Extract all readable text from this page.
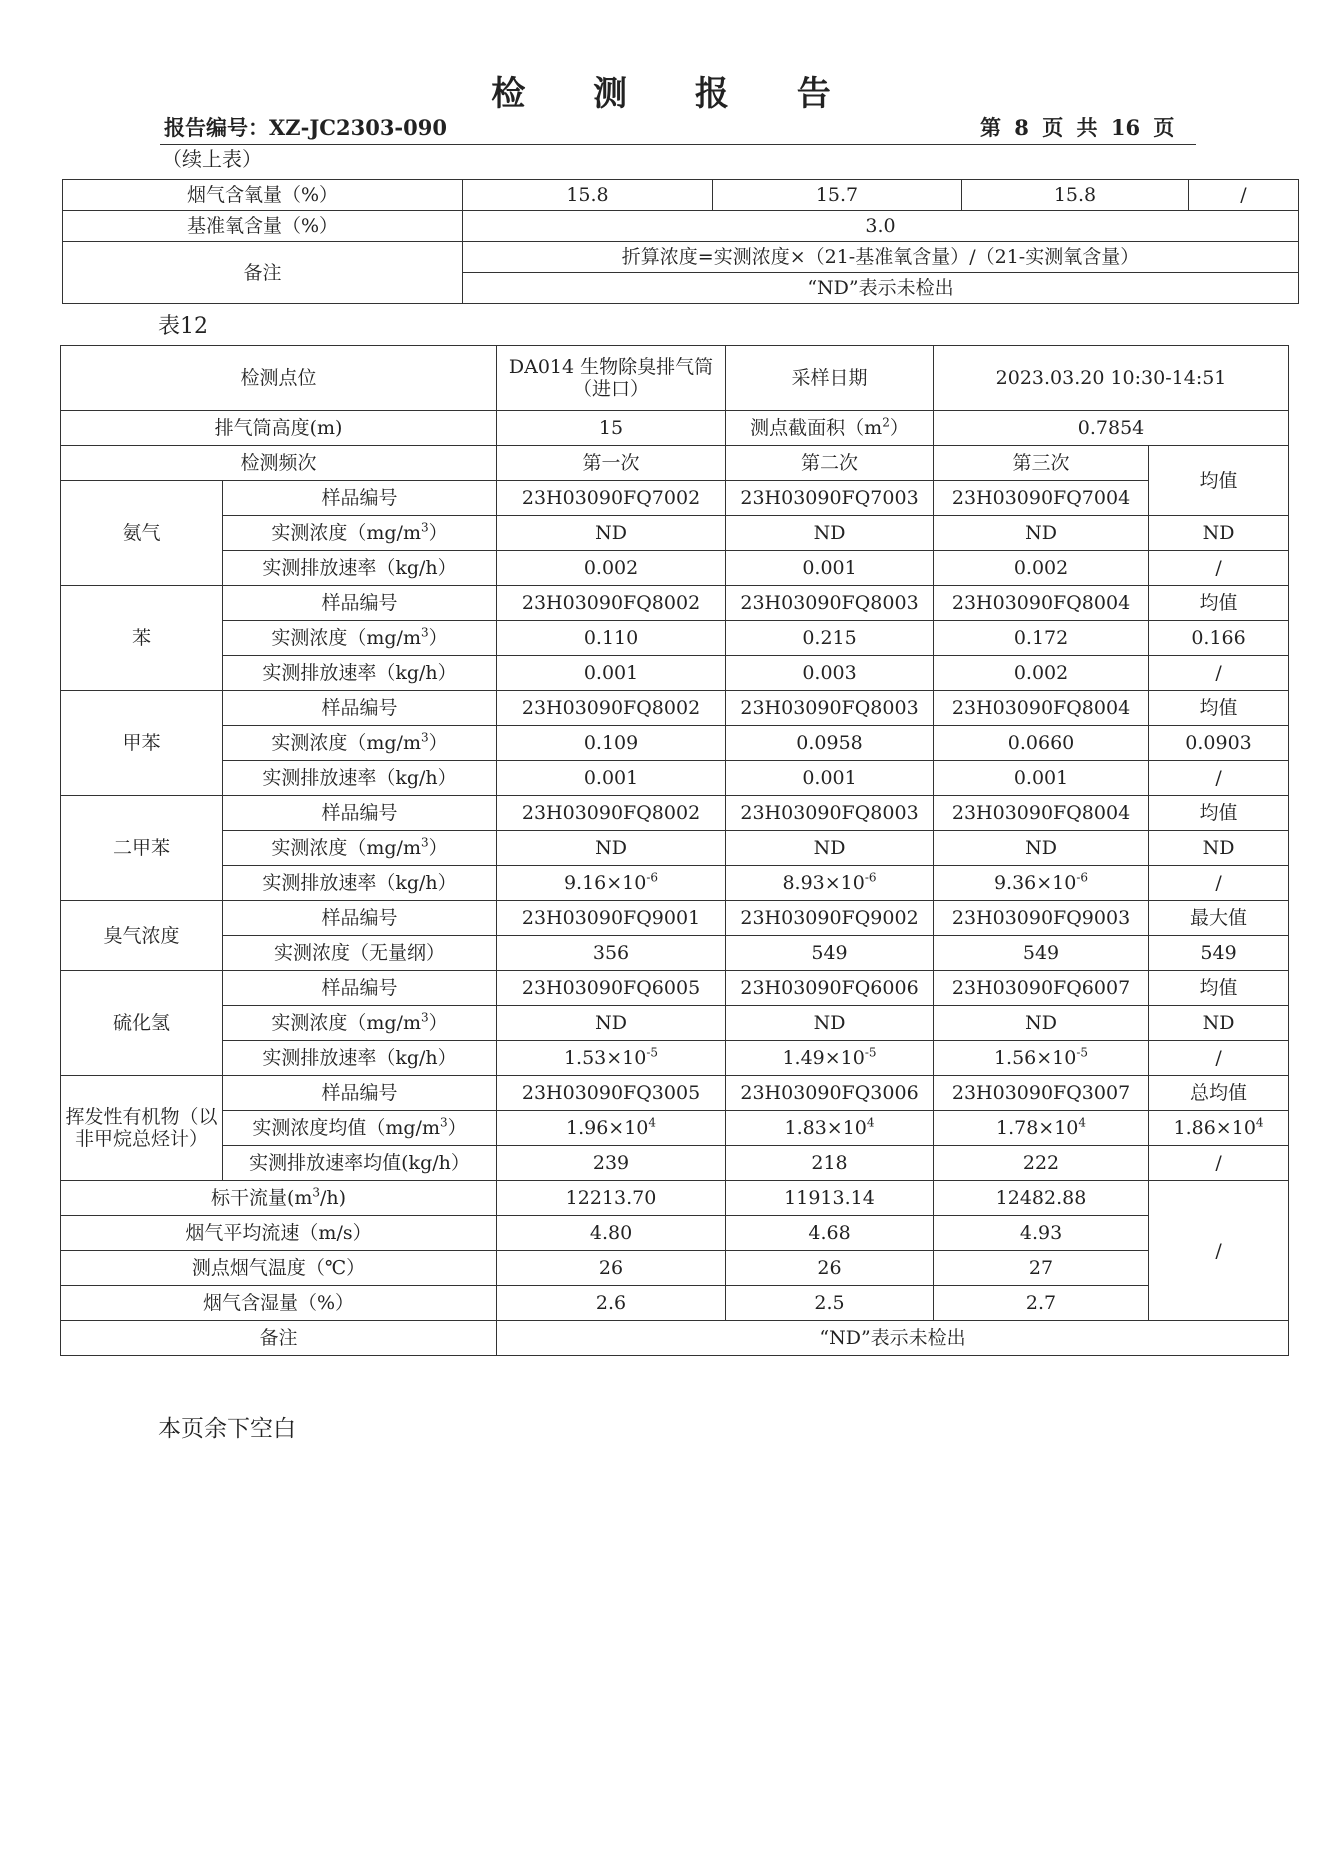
检 测 报 告
报告编号：XZ-JC2303-090	第 8 页 共 16 页
（续上表）
烟气含氧量（%）	15.8	15.7	15.8	/
基准氧含量（%）	3.0			
备注	折算浓度=实测浓度×（21-基准氧含量）/（21-实测氧含量）			
	“ND”表示未检出			
表12
检测点位		DA014 生物除臭排气筒（进口）	采样日期	2023.03.20 10:30-14:51	
排气筒高度(m)		15	测点截面积$(m^2)$	0.7854	
检测频次		第一次	第二次	第三次	均值
氨气	样品编号	23H03090FQ7002	23H03090FQ7003	23H03090FQ7004	
	实测浓度$(mg/m^3)$	ND	ND	ND	ND
	实测排放速率（kg/h）	0.002	0.001	0.002	/
苯	样品编号	23H03090FQ8002	23H03090FQ8003	23H03090FQ8004	均值
	实测浓度$(mg/m^3)$	0.110	0.215	0.172	0.166
	实测排放速率（kg/h）	0.001	0.003	0.002	/
甲苯	样品编号	23H03090FQ8002	23H03090FQ8003	23H03090FQ8004	均值
	实测浓度$(mg/m^3)$	0.109	0.0958	0.0660	0.0903
	实测排放速率（kg/h）	0.001	0.001	0.001	/
二甲苯	样品编号	23H03090FQ8002	23H03090FQ8003	23H03090FQ8004	均值
	实测浓度$(mg/m^3)$	ND	ND	ND	ND
	实测排放速率（kg/h）	$9.16\times 10^{-6}$	$8.93\times 10^{-6}$	$9.36\times 10^{-6}$	/
臭气浓度	样品编号	23H03090FQ9001	23H03090FQ9002	23H03090FQ9003	最大值
	实测浓度（无量纲）	356	549	549	549
硫化氢	样品编号	23H03090FQ6005	23H03090FQ6006	23H03090FQ6007	均值
	实测浓度$(mg/m^3)$	ND	ND	ND	ND
	实测排放速率（kg/h）	$1.53\times 10^{-5}$	$1.49\times 10^{-5}$	$1.56\times 10^{-5}$	/
挥发性有机物（以非甲烷总烃计）	样品编号	23H03090FQ3005	23H03090FQ3006	23H03090FQ3007	总均值
	实测浓度均值$(mg/m^3)$	$1.96\times 10^4$	$1.83\times 10^4$	$1.78\times 10^4$	$1.86\times 10^4$
	实测排放速率均值(kg/h）	239	218	222	/
标干流量$(m^3/h)$		12213.70	11913.14	12482.88	/
烟气平均流速（m/s）		4.80	4.68	4.93	
测点烟气温度（℃）		26	26	27	
烟气含湿量（%）		2.6	2.5	2.7	
备注		“ND”表示未检出			
本页余下空白
